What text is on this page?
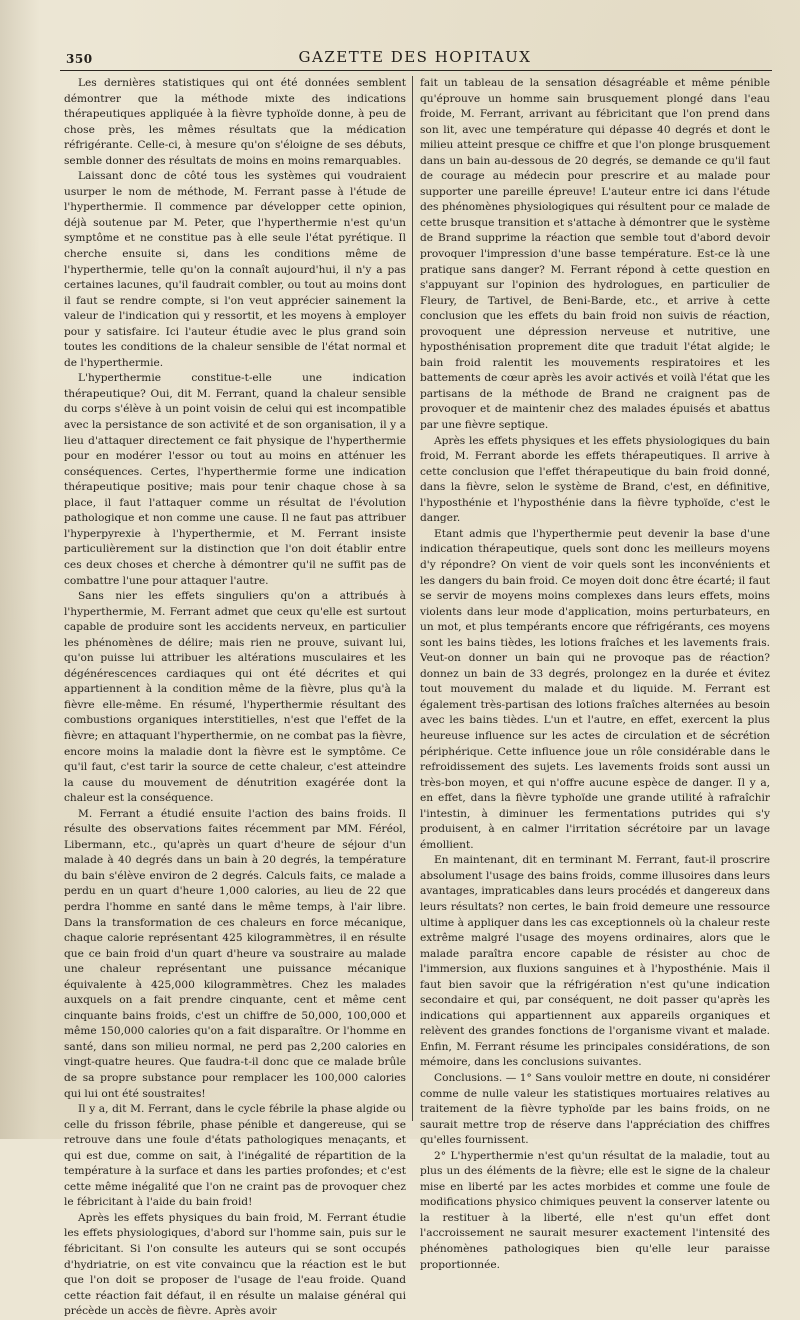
350	GAZETTE DES HOPITAUX

Les dernières statistiques qui ont été données semblent démontrer que la méthode mixte des indications thérapeutiques appliquée à la fièvre typhoïde donne, à peu de chose près, les mêmes résultats que la médication réfrigérante. Celle-ci, à mesure qu'on s'éloigne de ses débuts, semble donner des résultats de moins en moins remarquables.

Laissant donc de côté tous les systèmes qui voudraient usurper le nom de méthode, M. Ferrant passe à l'étude de l'hyperthermie. Il commence par développer cette opinion, déjà soutenue par M. Peter, que l'hyperthermie n'est qu'un symptôme et ne constitue pas à elle seule l'état pyrétique. Il cherche ensuite si, dans les conditions même de l'hyperthermie, telle qu'on la connaît aujourd'hui, il n'y a pas certaines lacunes, qu'il faudrait combler, ou tout au moins dont il faut se rendre compte, si l'on veut apprécier sainement la valeur de l'indication qui y ressortit, et les moyens à employer pour y satisfaire. Ici l'auteur étudie avec le plus grand soin toutes les conditions de la chaleur sensible de l'état normal et de l'hyperthermie.

L'hyperthermie constitue-t-elle une indication thérapeutique? Oui, dit M. Ferrant, quand la chaleur sensible du corps s'élève à un point voisin de celui qui est incompatible avec la persistance de son activité et de son organisation, il y a lieu d'attaquer directement ce fait physique de l'hyperthermie pour en modérer l'essor ou tout au moins en atténuer les conséquences. Certes, l'hyperthermie forme une indication thérapeutique positive; mais pour tenir chaque chose à sa place, il faut l'attaquer comme un résultat de l'évolution pathologique et non comme une cause. Il ne faut pas attribuer l'hyperpyrexie à l'hyperthermie, et M. Ferrant insiste particulièrement sur la distinction que l'on doit établir entre ces deux choses et cherche à démontrer qu'il ne suffit pas de combattre l'une pour attaquer l'autre.

Sans nier les effets singuliers qu'on a attribués à l'hyperthermie, M. Ferrant admet que ceux qu'elle est surtout capable de produire sont les accidents nerveux, en particulier les phénomènes de délire; mais rien ne prouve, suivant lui, qu'on puisse lui attribuer les altérations musculaires et les dégénérescences cardiaques qui ont été décrites et qui appartiennent à la condition même de la fièvre, plus qu'à la fièvre elle-même. En résumé, l'hyperthermie résultant des combustions organiques interstitielles, n'est que l'effet de la fièvre; en attaquant l'hyperthermie, on ne combat pas la fièvre, encore moins la maladie dont la fièvre est le symptôme. Ce qu'il faut, c'est tarir la source de cette chaleur, c'est atteindre la cause du mouvement de dénutrition exagérée dont la chaleur est la conséquence.

M. Ferrant a étudié ensuite l'action des bains froids. Il résulte des observations faites récemment par MM. Féréol, Libermann, etc., qu'après un quart d'heure de séjour d'un malade à 40 degrés dans un bain à 20 degrés, la température du bain s'élève environ de 2 degrés. Calculs faits, ce malade a perdu en un quart d'heure 1,000 calories, au lieu de 22 que perdra l'homme en santé dans le même temps, à l'air libre. Dans la transformation de ces chaleurs en force mécanique, chaque calorie représentant 425 kilogrammètres, il en résulte que ce bain froid d'un quart d'heure va soustraire au malade une chaleur représentant une puissance mécanique équivalente à 425,000 kilogrammètres. Chez les malades auxquels on a fait prendre cinquante, cent et même cent cinquante bains froids, c'est un chiffre de 50,000, 100,000 et même 150,000 calories qu'on a fait disparaître. Or l'homme en santé, dans son milieu normal, ne perd pas 2,200 calories en vingt-quatre heures. Que faudra-t-il donc que ce malade brûle de sa propre substance pour remplacer les 100,000 calories qui lui ont été soustraites!

Il y a, dit M. Ferrant, dans le cycle fébrile la phase algide ou celle du frisson fébrile, phase pénible et dangereuse, qui se retrouve dans une foule d'états pathologiques menaçants, et qui est due, comme on sait, à l'inégalité de répartition de la température à la surface et dans les parties profondes; et c'est cette même inégalité que l'on ne craint pas de provoquer chez le fébricitant à l'aide du bain froid!

Après les effets physiques du bain froid, M. Ferrant étudie les effets physiologiques, d'abord sur l'homme sain, puis sur le fébricitant. Si l'on consulte les auteurs qui se sont occupés d'hydriatrie, on est vite convaincu que la réaction est le but que l'on doit se proposer de l'usage de l'eau froide. Quand cette réaction fait défaut, il en résulte un malaise général qui précède un accès de fièvre. Après avoir

fait un tableau de la sensation désagréable et même pénible qu'éprouve un homme sain brusquement plongé dans l'eau froide, M. Ferrant, arrivant au fébricitant que l'on prend dans son lit, avec une température qui dépasse 40 degrés et dont le milieu atteint presque ce chiffre et que l'on plonge brusquement dans un bain au-dessous de 20 degrés, se demande ce qu'il faut de courage au médecin pour prescrire et au malade pour supporter une pareille épreuve! L'auteur entre ici dans l'étude des phénomènes physiologiques qui résultent pour ce malade de cette brusque transition et s'attache à démontrer que le système de Brand supprime la réaction que semble tout d'abord devoir provoquer l'impression d'une basse température. Est-ce là une pratique sans danger? M. Ferrant répond à cette question en s'appuyant sur l'opinion des hydrologues, en particulier de Fleury, de Tartivel, de Beni-Barde, etc., et arrive à cette conclusion que les effets du bain froid non suivis de réaction, provoquent une dépression nerveuse et nutritive, une hyposthénisation proprement dite que traduit l'état algide; le bain froid ralentit les mouvements respiratoires et les battements de cœur après les avoir activés et voilà l'état que les partisans de la méthode de Brand ne craignent pas de provoquer et de maintenir chez des malades épuisés et abattus par une fièvre septique.

Après les effets physiques et les effets physiologiques du bain froid, M. Ferrant aborde les effets thérapeutiques. Il arrive à cette conclusion que l'effet thérapeutique du bain froid donné, dans la fièvre, selon le système de Brand, c'est, en définitive, l'hyposthénie et l'hyposthénie dans la fièvre typhoïde, c'est le danger.

Etant admis que l'hyperthermie peut devenir la base d'une indication thérapeutique, quels sont donc les meilleurs moyens d'y répondre? On vient de voir quels sont les inconvénients et les dangers du bain froid. Ce moyen doit donc être écarté; il faut se servir de moyens moins complexes dans leurs effets, moins violents dans leur mode d'application, moins perturbateurs, en un mot, et plus tempérants encore que réfrigérants, ces moyens sont les bains tièdes, les lotions fraîches et les lavements frais. Veut-on donner un bain qui ne provoque pas de réaction? donnez un bain de 33 degrés, prolongez en la durée et évitez tout mouvement du malade et du liquide. M. Ferrant est également très-partisan des lotions fraîches alternées au besoin avec les bains tièdes. L'un et l'autre, en effet, exercent la plus heureuse influence sur les actes de circulation et de sécrétion périphérique. Cette influence joue un rôle considérable dans le refroidissement des sujets. Les lavements froids sont aussi un très-bon moyen, et qui n'offre aucune espèce de danger. Il y a, en effet, dans la fièvre typhoïde une grande utilité à rafraîchir l'intestin, à diminuer les fermentations putrides qui s'y produisent, à en calmer l'irritation sécrétoire par un lavage émollient.

En maintenant, dit en terminant M. Ferrant, faut-il proscrire absolument l'usage des bains froids, comme illusoires dans leurs avantages, impraticables dans leurs procédés et dangereux dans leurs résultats? non certes, le bain froid demeure une ressource ultime à appliquer dans les cas exceptionnels où la chaleur reste extrême malgré l'usage des moyens ordinaires, alors que le malade paraîtra encore capable de résister au choc de l'immersion, aux fluxions sanguines et à l'hyposthénie. Mais il faut bien savoir que la réfrigération n'est qu'une indication secondaire et qui, par conséquent, ne doit passer qu'après les indications qui appartiennent aux appareils organiques et relèvent des grandes fonctions de l'organisme vivant et malade. Enfin, M. Ferrant résume les principales considérations, de son mémoire, dans les conclusions suivantes.

Conclusions. — 1° Sans vouloir mettre en doute, ni considérer comme de nulle valeur les statistiques mortuaires relatives au traitement de la fièvre typhoïde par les bains froids, on ne saurait mettre trop de réserve dans l'appréciation des chiffres qu'elles fournissent.

2° L'hyperthermie n'est qu'un résultat de la maladie, tout au plus un des éléments de la fièvre; elle est le signe de la chaleur mise en liberté par les actes morbides et comme une foule de modifications physico chimiques peuvent la conserver latente ou la restituer à la liberté, elle n'est qu'un effet dont l'accroissement ne saurait mesurer exactement l'intensité des phénomènes pathologiques bien qu'elle leur paraisse proportionnée.
